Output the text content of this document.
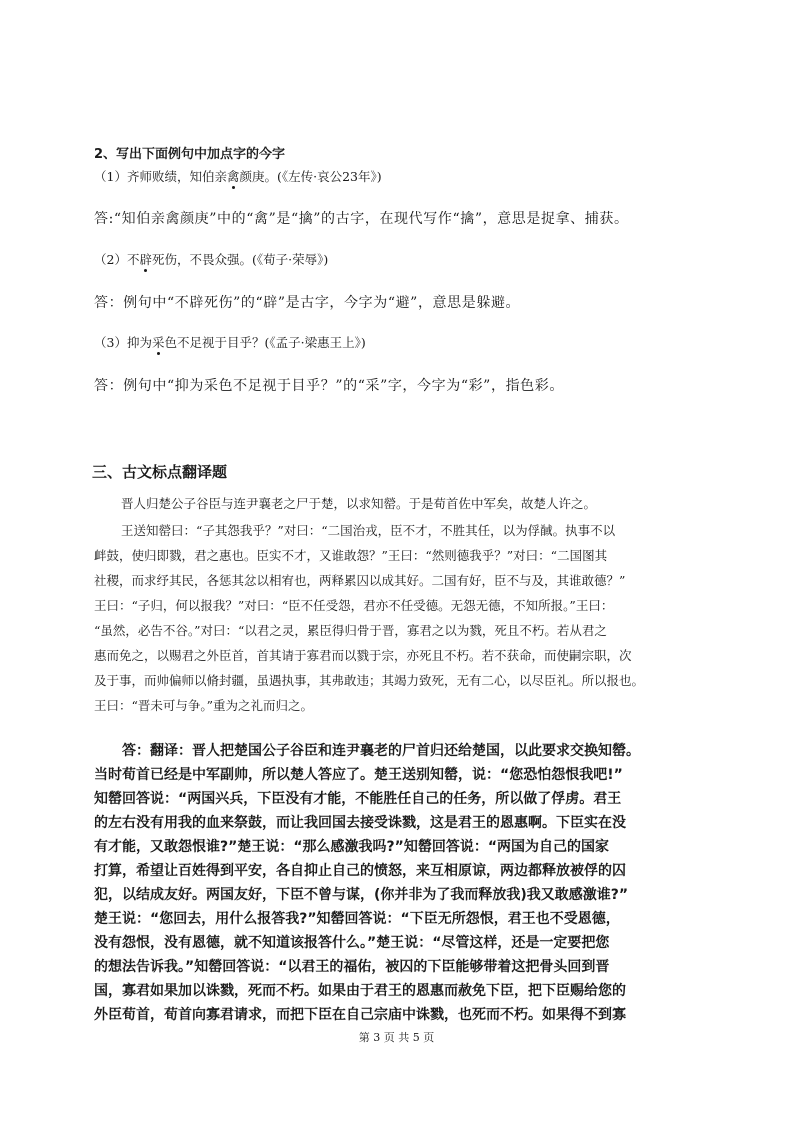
2、写出下面例句中加点字的今字
（1）齐师败绩，知伯亲禽颜庚。(《左传·哀公23年》)
答:“知伯亲禽颜庚”中的“禽”是“擒”的古字，在现代写作“擒”，意思是捉拿、捕获。
（2）不辟死伤，不畏众强。(《荀子·荣辱》)
答：例句中“不辟死伤”的“辟”是古字，今字为“避”，意思是躲避。
（3）抑为采色不足视于目乎？(《孟子·梁惠王上》)
答：例句中“抑为采色不足视于目乎？”的“采”字，今字为“彩”，指色彩。
三、古文标点翻译题
晋人归楚公子谷臣与连尹襄老之尸于楚，以求知罃。于是荀首佐中军矣，故楚人许之。
王送知罃曰：“子其怨我乎？”对曰：“二国治戎，臣不才，不胜其任，以为俘馘。执事不以
衅鼓，使归即戮，君之惠也。臣实不才，又谁敢怨？”王曰：“然则德我乎？”对曰：“二国图其
社稷，而求纾其民，各惩其忿以相宥也，两释累囚以成其好。二国有好，臣不与及，其谁敢德？”
王曰：“子归，何以报我？”对曰：“臣不任受怨，君亦不任受德。无怨无德，不知所报。”王曰：
“虽然，必告不谷。”对曰：“以君之灵，累臣得归骨于晋，寡君之以为戮，死且不朽。若从君之
惠而免之，以赐君之外臣首，首其请于寡君而以戮于宗，亦死且不朽。若不获命，而使嗣宗职，次
及于事，而帅偏师以脩封疆，虽遇执事，其弗敢违；其竭力致死，无有二心，以尽臣礼。所以报也。
王曰：“晋未可与争。”重为之礼而归之。
答：翻译：晋人把楚国公子谷臣和连尹襄老的尸首归还给楚国，以此要求交换知罃。
当时荀首已经是中军副帅，所以楚人答应了。楚王送别知罃，说：“您恐怕怨恨我吧!”
知罃回答说：“两国兴兵，下臣没有才能，不能胜任自己的任务，所以做了俘虏。君王
的左右没有用我的血来祭鼓，而让我回国去接受诛戮，这是君王的恩惠啊。下臣实在没
有才能，又敢怨恨谁?”楚王说：“那么感激我吗?”知罃回答说：“两国为自己的国家
打算，希望让百姓得到平安，各自抑止自己的愤怒，来互相原谅，两边都释放被俘的囚
犯，以结成友好。两国友好，下臣不曾与谋，(你并非为了我而释放我)我又敢感激谁?”
楚王说：“您回去，用什么报答我?”知罃回答说：“下臣无所怨恨，君王也不受恩德，
没有怨恨，没有恩德，就不知道该报答什么。”楚王说：“尽管这样，还是一定要把您
的想法告诉我。”知罃回答说：“以君王的福佑，被囚的下臣能够带着这把骨头回到晋
国，寡君如果加以诛戮，死而不朽。如果由于君王的恩惠而赦免下臣，把下臣赐给您的
外臣荀首，荀首向寡君请求，而把下臣在自己宗庙中诛戮，也死而不朽。如果得不到寡
第 3 页 共 5 页
